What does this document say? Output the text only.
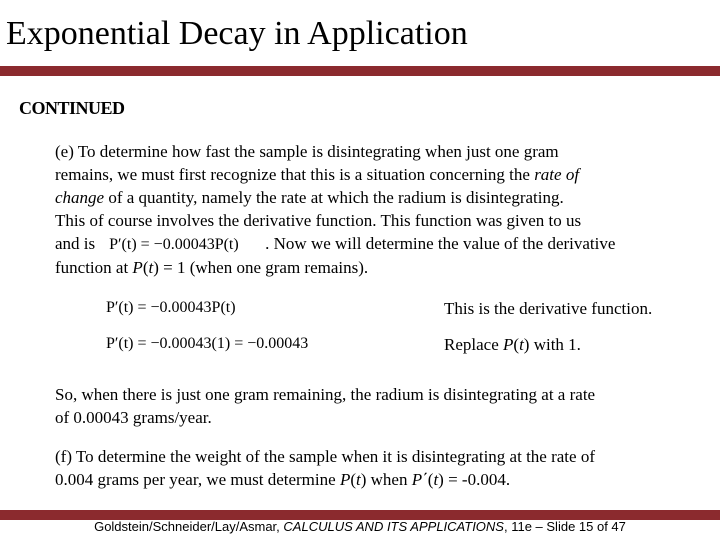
Exponential Decay in Application
CONTINUED
(e) To determine how fast the sample is disintegrating when just one gram
remains, we must first recognize that this is a situation concerning the rate of
change of a quantity, namely the rate at which the radium is disintegrating.
This of course involves the derivative function. This function was given to us
and is P′(t) = −0.00043P(t) . Now we will determine the value of the derivative
function at P(t) = 1 (when one gram remains).
P′(t) = −0.00043P(t)
P′(t) = −0.00043(1) = −0.00043
This is the derivative function.
Replace P(t) with 1.
So, when there is just one gram remaining, the radium is disintegrating at a rate
of 0.00043 grams/year.
(f) To determine the weight of the sample when it is disintegrating at the rate of
0.004 grams per year, we must determine P(t) when P΄(t) = -0.004.
Goldstein/Schneider/Lay/Asmar, CALCULUS AND ITS APPLICATIONS, 11e – Slide 15 of 47
